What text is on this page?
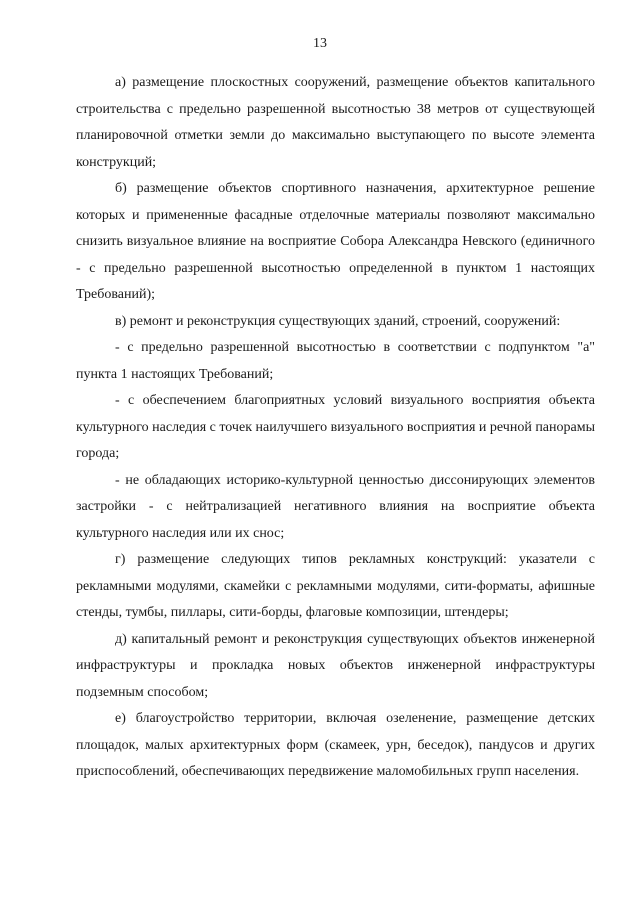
13

а) размещение плоскостных сооружений, размещение объектов капитального строительства с предельно разрешенной высотностью 38 метров от существующей планировочной отметки земли до максимально выступающего по высоте элемента конструкций;

б) размещение объектов спортивного назначения, архитектурное решение которых и примененные фасадные отделочные материалы позволяют максимально снизить визуальное влияние на восприятие Собора Александра Невского (единичного - с предельно разрешенной высотностью определенной в пунктом 1 настоящих Требований);

в) ремонт и реконструкция существующих зданий, строений, сооружений:

- с предельно разрешенной высотностью в соответствии с подпунктом "а" пункта 1 настоящих Требований;

- с обеспечением благоприятных условий визуального восприятия объекта культурного наследия с точек наилучшего визуального восприятия и речной панорамы города;

- не обладающих историко-культурной ценностью диссонирующих элементов застройки - с нейтрализацией негативного влияния на восприятие объекта культурного наследия или их снос;

г) размещение следующих типов рекламных конструкций: указатели с рекламными модулями, скамейки с рекламными модулями, сити-форматы, афишные стенды, тумбы, пиллары, сити-борды, флаговые композиции, штендеры;

д) капитальный ремонт и реконструкция существующих объектов инженерной инфраструктуры и прокладка новых объектов инженерной инфраструктуры подземным способом;

е) благоустройство территории, включая озеленение, размещение детских площадок, малых архитектурных форм (скамеек, урн, беседок), пандусов и других приспособлений, обеспечивающих передвижение маломобильных групп населения.
